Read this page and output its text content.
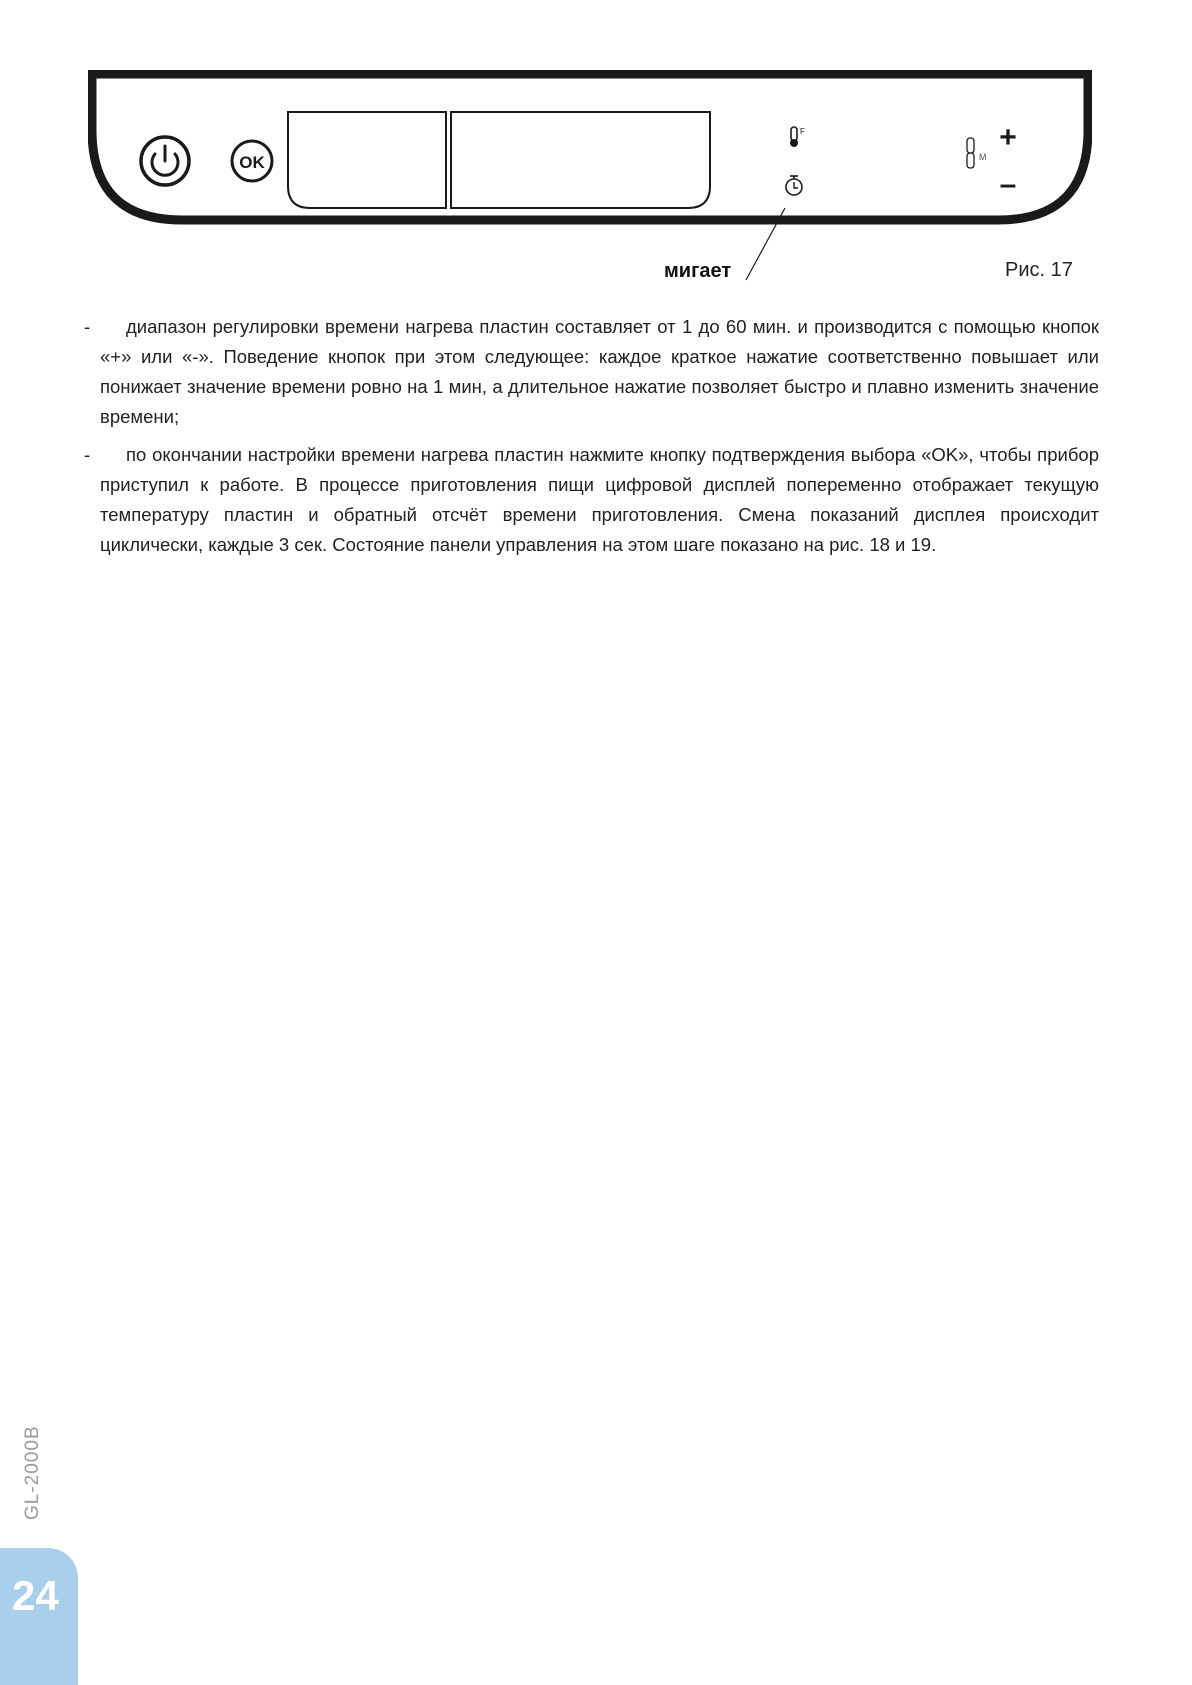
OK
F
M
+
–
мигает	Рис. 17
-	диапазон регулировки времени нагрева пластин составляет от 1 до 60 мин. и производится с помощью кнопок «+» или «-». Поведение кнопок при этом следующее: каждое краткое нажатие соответственно повышает или понижает значение времени ровно на 1 мин, а длительное нажатие позволяет быстро и плавно изменить значение времени;
-	по окончании настройки времени нагрева пластин нажмите кнопку подтверждения выбора «OK», чтобы прибор приступил к работе. В процессе приготовления пищи цифровой дисплей попеременно отображает текущую температуру пластин и обратный отсчёт времени приготовления. Смена показаний дисплея происходит циклически, каждые 3 сек. Состояние панели управления на этом шаге показано на рис. 18 и 19.
GL-2000B
24
